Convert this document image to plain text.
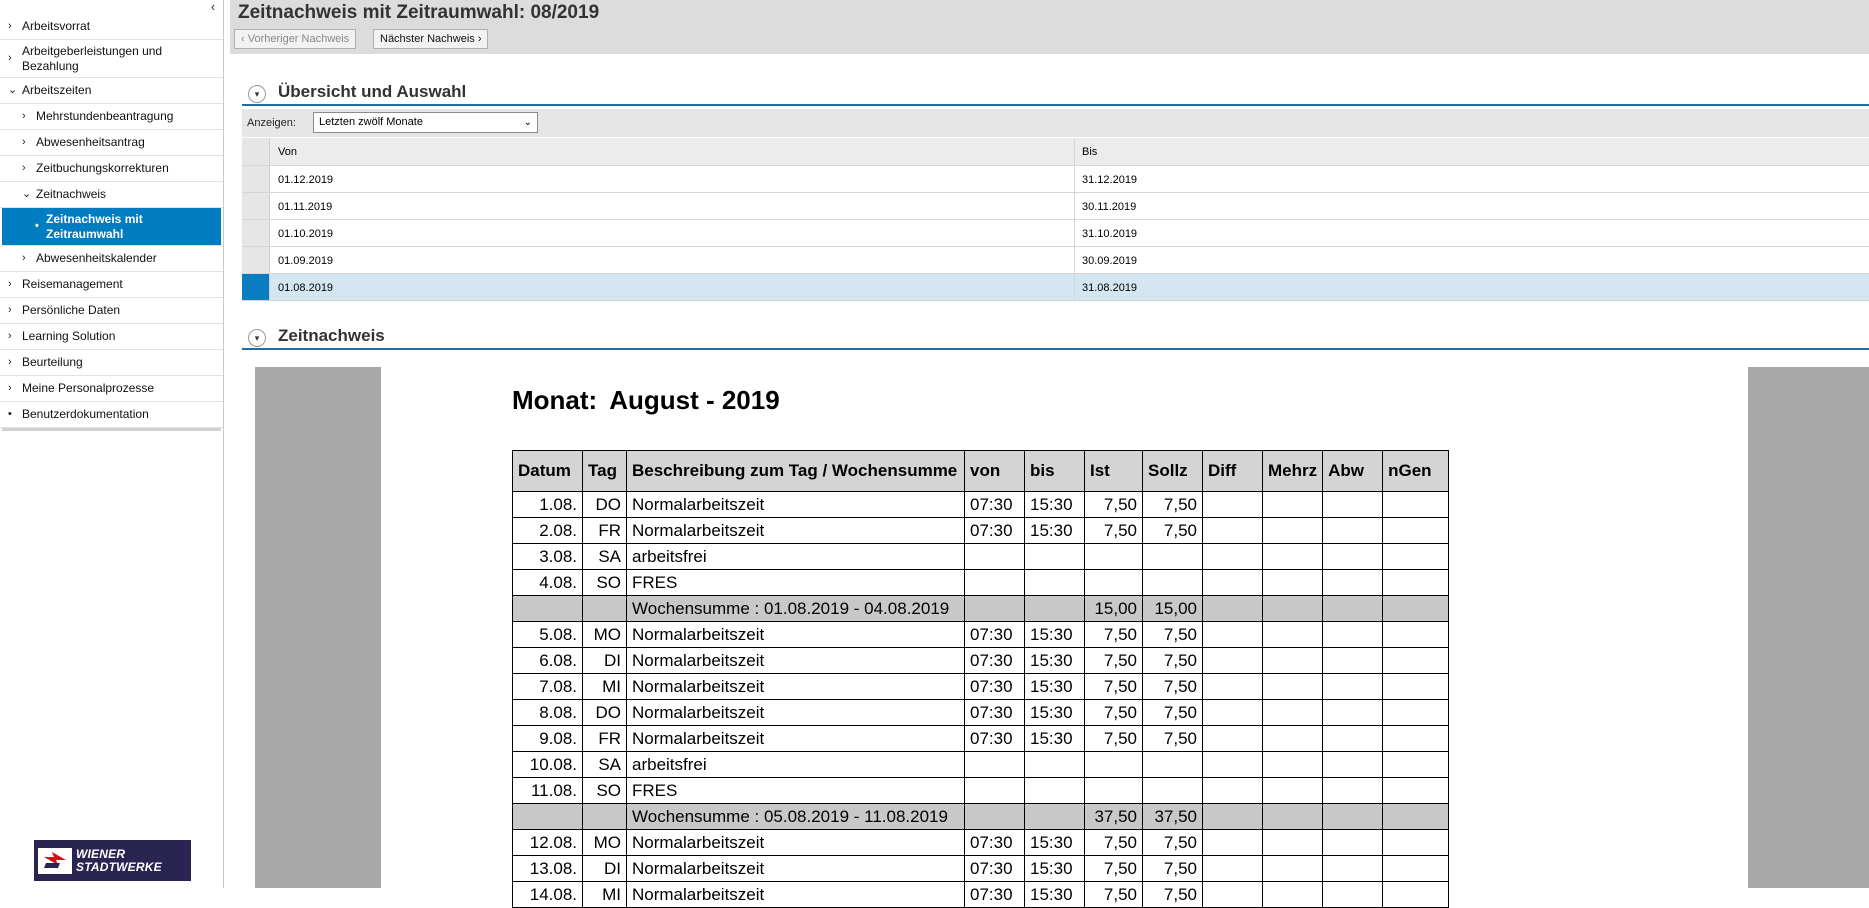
‹
› Arbeitsvorrat
›
Arbeitgeberleistungen und Bezahlung
⌄ Arbeitszeiten
› Mehrstundenbeantragung
› Abwesenheitsantrag
› Zeitbuchungskorrekturen
⌄ Zeitnachweis
•
Zeitnachweis mit Zeitraumwahl
› Abwesenheitskalender
› Reisemanagement
› Persönliche Daten
› Learning Solution
› Beurteilung
› Meine Personalprozesse
• Benutzerdokumentation
WIENER
STADTWERKE
Zeitnachweis mit Zeitraumwahl: 08/2019
‹ Vorheriger Nachweis	Nächster Nachweis ›
▾	Übersicht und Auswahl
Anzeigen:	Letzten zwölf Monate	⌄
Von	Bis
01.12.2019	31.12.2019
01.11.2019	30.11.2019
01.10.2019	31.10.2019
01.09.2019	30.09.2019
01.08.2019	31.08.2019
▾	Zeitnachweis
Monat: August - 2019
Datum	Tag	Beschreibung zum Tag / Wochensumme	von	bis	Ist	Sollz	Diff	Mehrz	Abw	nGen
1.08.	DO	Normalarbeitszeit	07:30	15:30	7,50	7,50				
2.08.	FR	Normalarbeitszeit	07:30	15:30	7,50	7,50				
3.08.	SA	arbeitsfrei								
4.08.	SO	FRES								
		Wochensumme : 01.08.2019 - 04.08.2019			15,00	15,00				
5.08.	MO	Normalarbeitszeit	07:30	15:30	7,50	7,50				
6.08.	DI	Normalarbeitszeit	07:30	15:30	7,50	7,50				
7.08.	MI	Normalarbeitszeit	07:30	15:30	7,50	7,50				
8.08.	DO	Normalarbeitszeit	07:30	15:30	7,50	7,50				
9.08.	FR	Normalarbeitszeit	07:30	15:30	7,50	7,50				
10.08.	SA	arbeitsfrei								
11.08.	SO	FRES								
		Wochensumme : 05.08.2019 - 11.08.2019			37,50	37,50				
12.08.	MO	Normalarbeitszeit	07:30	15:30	7,50	7,50				
13.08.	DI	Normalarbeitszeit	07:30	15:30	7,50	7,50				
14.08.	MI	Normalarbeitszeit	07:30	15:30	7,50	7,50				
